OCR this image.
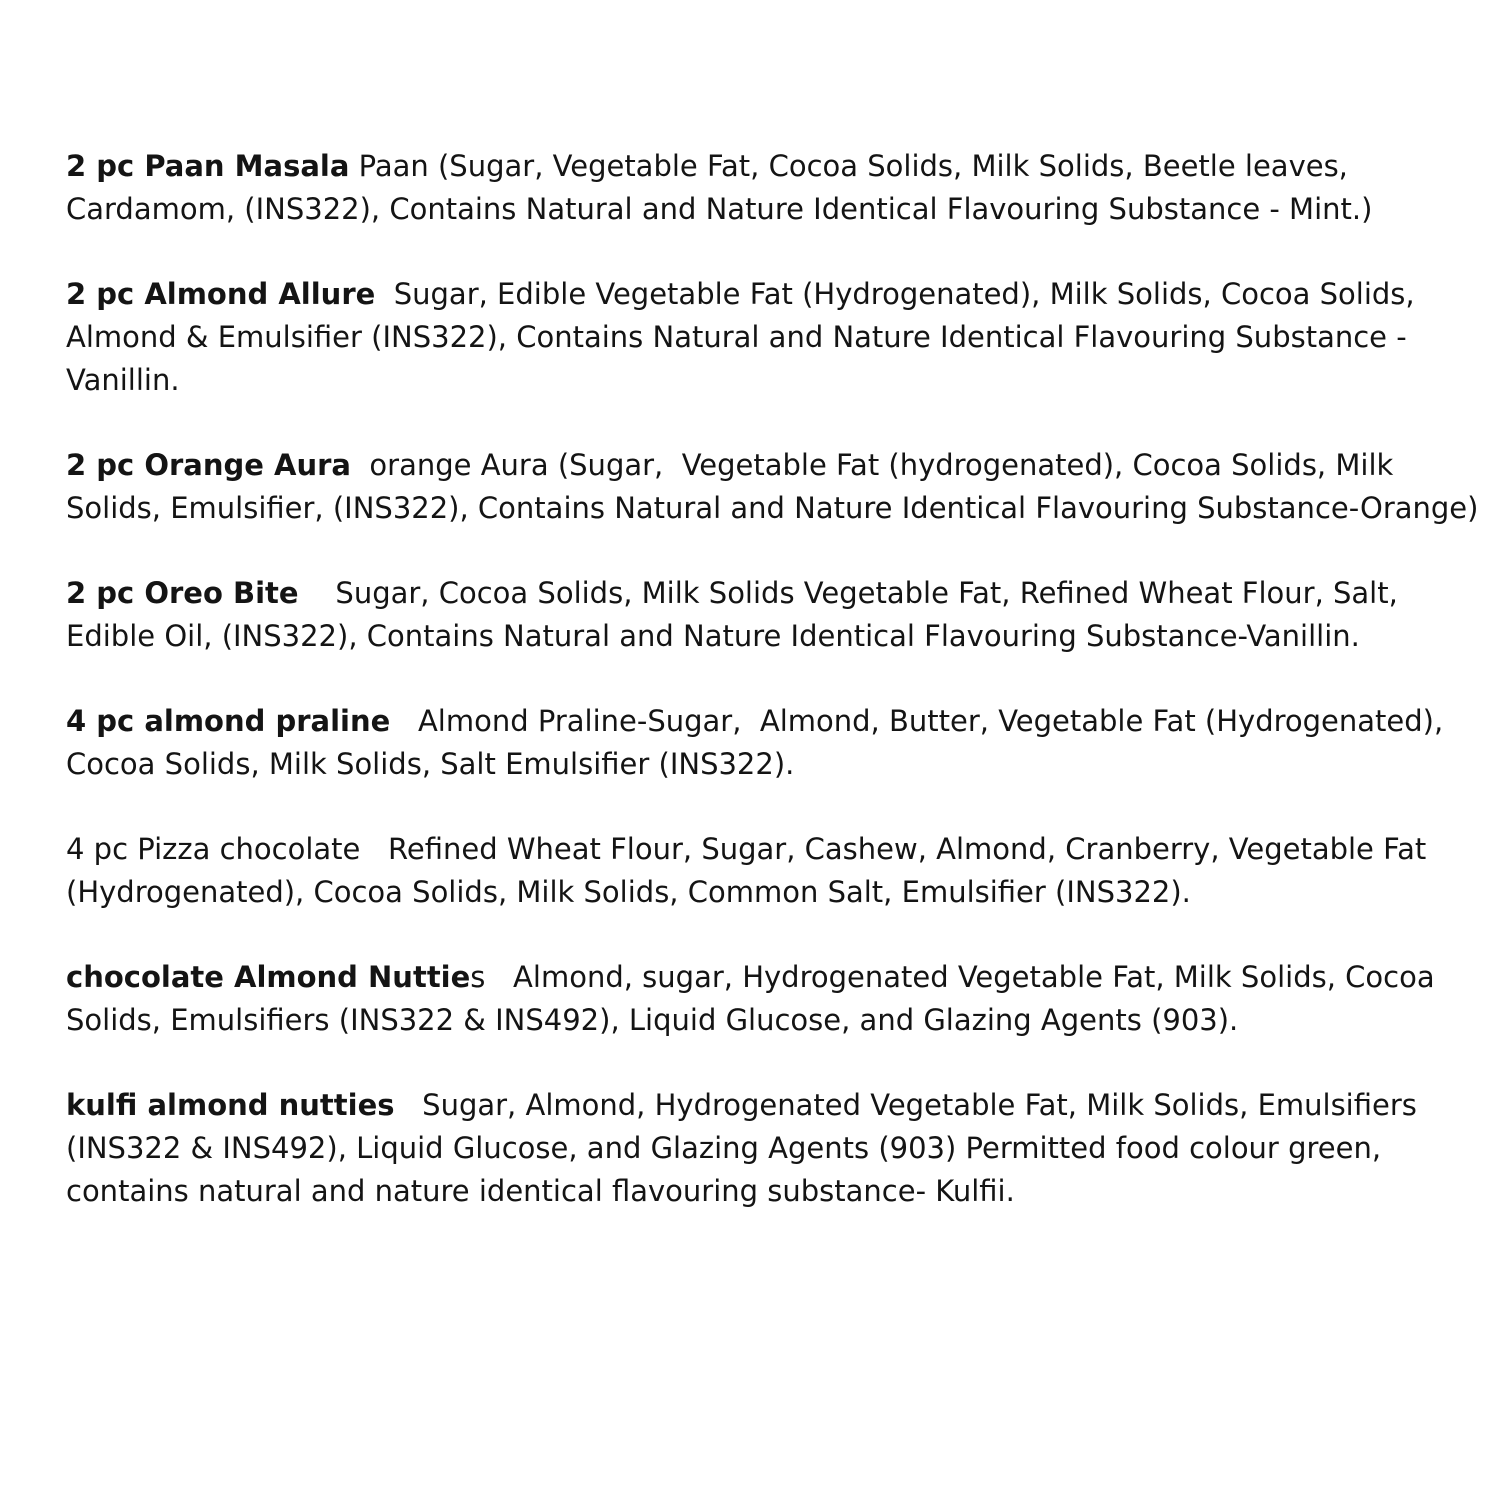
2 pc Paan Masala Paan (Sugar, Vegetable Fat, Cocoa Solids, Milk Solids, Beetle leaves, Cardamom, (INS322), Contains Natural and Nature Identical Flavouring Substance - Mint.)

2 pc Almond Allure  Sugar, Edible Vegetable Fat (Hydrogenated), Milk Solids, Cocoa Solids, Almond & Emulsifier (INS322), Contains Natural and Nature Identical Flavouring Substance - Vanillin.

2 pc Orange Aura  orange Aura (Sugar,  Vegetable Fat (hydrogenated), Cocoa Solids, Milk Solids, Emulsifier, (INS322), Contains Natural and Nature Identical Flavouring Substance-Orange)

2 pc Oreo Bite    Sugar, Cocoa Solids, Milk Solids Vegetable Fat, Refined Wheat Flour, Salt, Edible Oil, (INS322), Contains Natural and Nature Identical Flavouring Substance-Vanillin.

4 pc almond praline   Almond Praline-Sugar,  Almond, Butter, Vegetable Fat (Hydrogenated), Cocoa Solids, Milk Solids, Salt Emulsifier (INS322).

4 pc Pizza chocolate   Refined Wheat Flour, Sugar, Cashew, Almond, Cranberry, Vegetable Fat (Hydrogenated), Cocoa Solids, Milk Solids, Common Salt, Emulsifier (INS322).

chocolate Almond Nutties   Almond, sugar, Hydrogenated Vegetable Fat, Milk Solids, Cocoa Solids, Emulsifiers (INS322 & INS492), Liquid Glucose, and Glazing Agents (903).

kulfi almond nutties   Sugar, Almond, Hydrogenated Vegetable Fat, Milk Solids, Emulsifiers (INS322 & INS492), Liquid Glucose, and Glazing Agents (903) Permitted food colour green, contains natural and nature identical flavouring substance- Kulfii.
